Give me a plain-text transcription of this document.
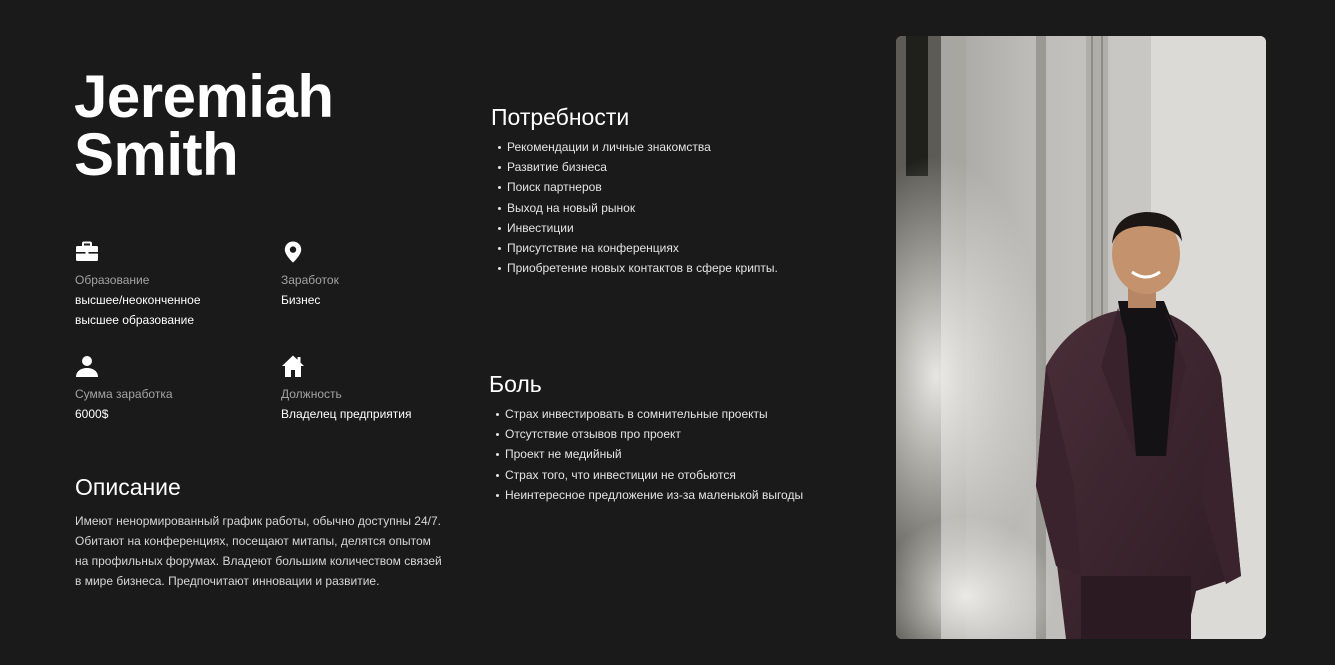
Jeremiah
Smith
Образование
высшее/неоконченное
высшее образование
Заработок
Бизнес
Сумма заработка
6000$
Должность
Владелец предприятия
Описание

Имеют ненормированный график работы, обычно доступны 24/7. Обитают на конференциях, посещают митапы, делятся опытом на профильных форумах. Владеют большим количеством связей в мире бизнеса. Предпочитают инновации и развитие.

Потребности
Рекомендации и личные знакомства
Развитие бизнеса
Поиск партнеров
Выход на новый рынок
Инвестиции
Присутствие на конференциях
Приобретение новых контактов в сфере крипты.
Боль
Страх инвестировать в сомнительные проекты
Отсутствие отзывов про проект
Проект не медийный
Страх того, что инвестиции не отобьются
Неинтересное предложение из-за маленькой выгоды
